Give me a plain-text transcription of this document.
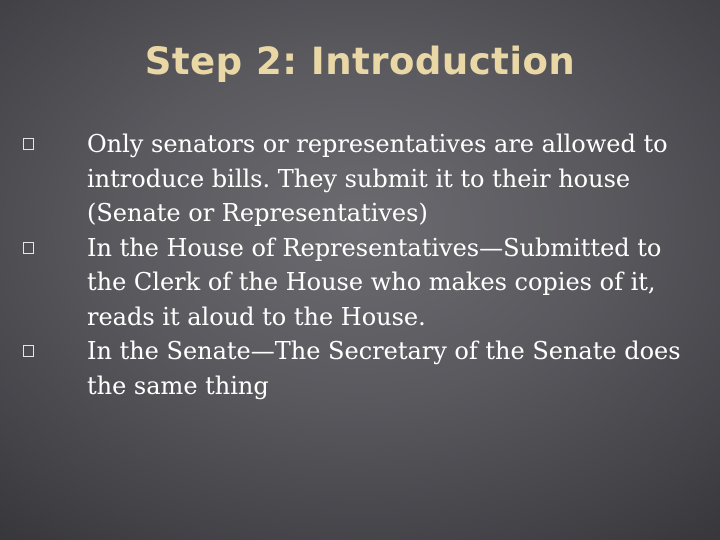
Step 2: Introduction
Only senators or representatives are allowed to introduce bills. They submit it to their house (Senate or Representatives)
In the House of Representatives—Submitted to the Clerk of the House who makes copies of it, reads it aloud to the House.
In the Senate—The Secretary of the Senate does the same thing
